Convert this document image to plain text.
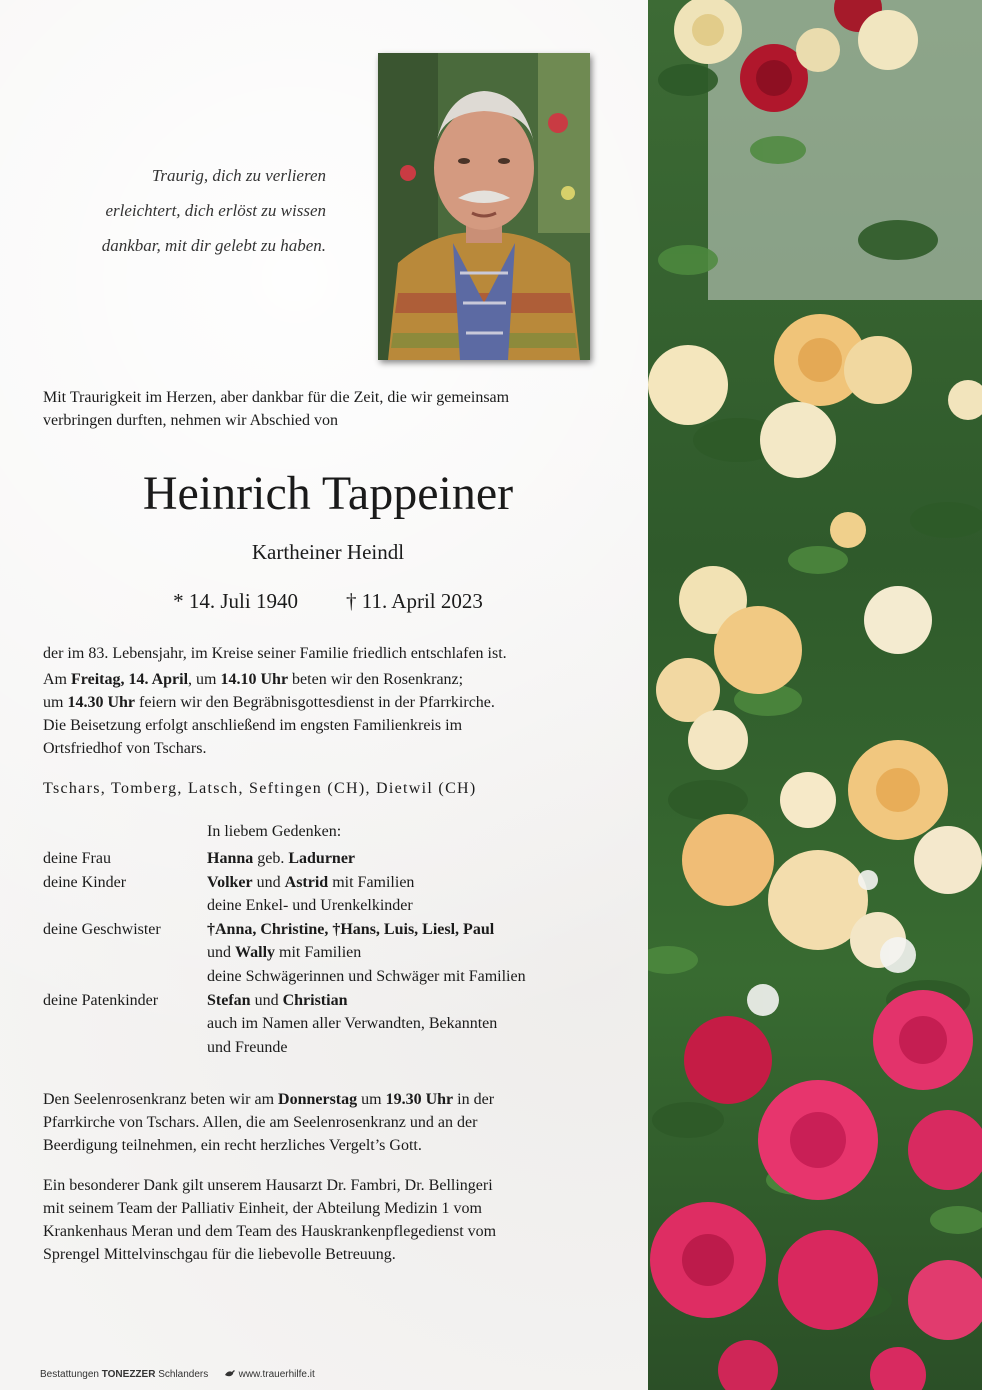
Traurig, dich zu verlieren
erleichtert, dich erlöst zu wissen
dankbar, mit dir gelebt zu haben.
Mit Traurigkeit im Herzen, aber dankbar für die Zeit, die wir gemeinsam
verbringen durften, nehmen wir Abschied von
Heinrich Tappeiner
Kartheiner Heindl
* 14. Juli 1940 † 11. April 2023
der im 83. Lebensjahr, im Kreise seiner Familie friedlich entschlafen ist.
Am Freitag, 14. April, um 14.10 Uhr beten wir den Rosenkranz;
um 14.30 Uhr feiern wir den Begräbnisgottesdienst in der Pfarrkirche.
Die Beisetzung erfolgt anschließend im engsten Familienkreis im
Ortsfriedhof von Tschars.
Tschars, Tomberg, Latsch, Seftingen (CH), Dietwil (CH)
In liebem Gedenken:
deine Frau	Hanna geb. Ladurner
deine Kinder	Volker und Astrid mit Familien
deine Enkel- und Urenkelkinder
deine Geschwister	†Anna, Christine, †Hans, Luis, Liesl, Paul
und Wally mit Familien
deine Schwägerinnen und Schwäger mit Familien
deine Patenkinder	Stefan und Christian
auch im Namen aller Verwandten, Bekannten
und Freunde
Den Seelenrosenkranz beten wir am Donnerstag um 19.30 Uhr in der
Pfarrkirche von Tschars. Allen, die am Seelenrosenkranz und an der
Beerdigung teilnehmen, ein recht herzliches Vergelt’s Gott.
Ein besonderer Dank gilt unserem Hausarzt Dr. Fambri, Dr. Bellingeri
mit seinem Team der Palliativ Einheit, der Abteilung Medizin 1 vom
Krankenhaus Meran und dem Team des Hauskrankenpflegedienst vom
Sprengel Mittelvinschgau für die liebevolle Betreuung.
Bestattungen TONEZZER Schlanders	www.trauerhilfe.it
